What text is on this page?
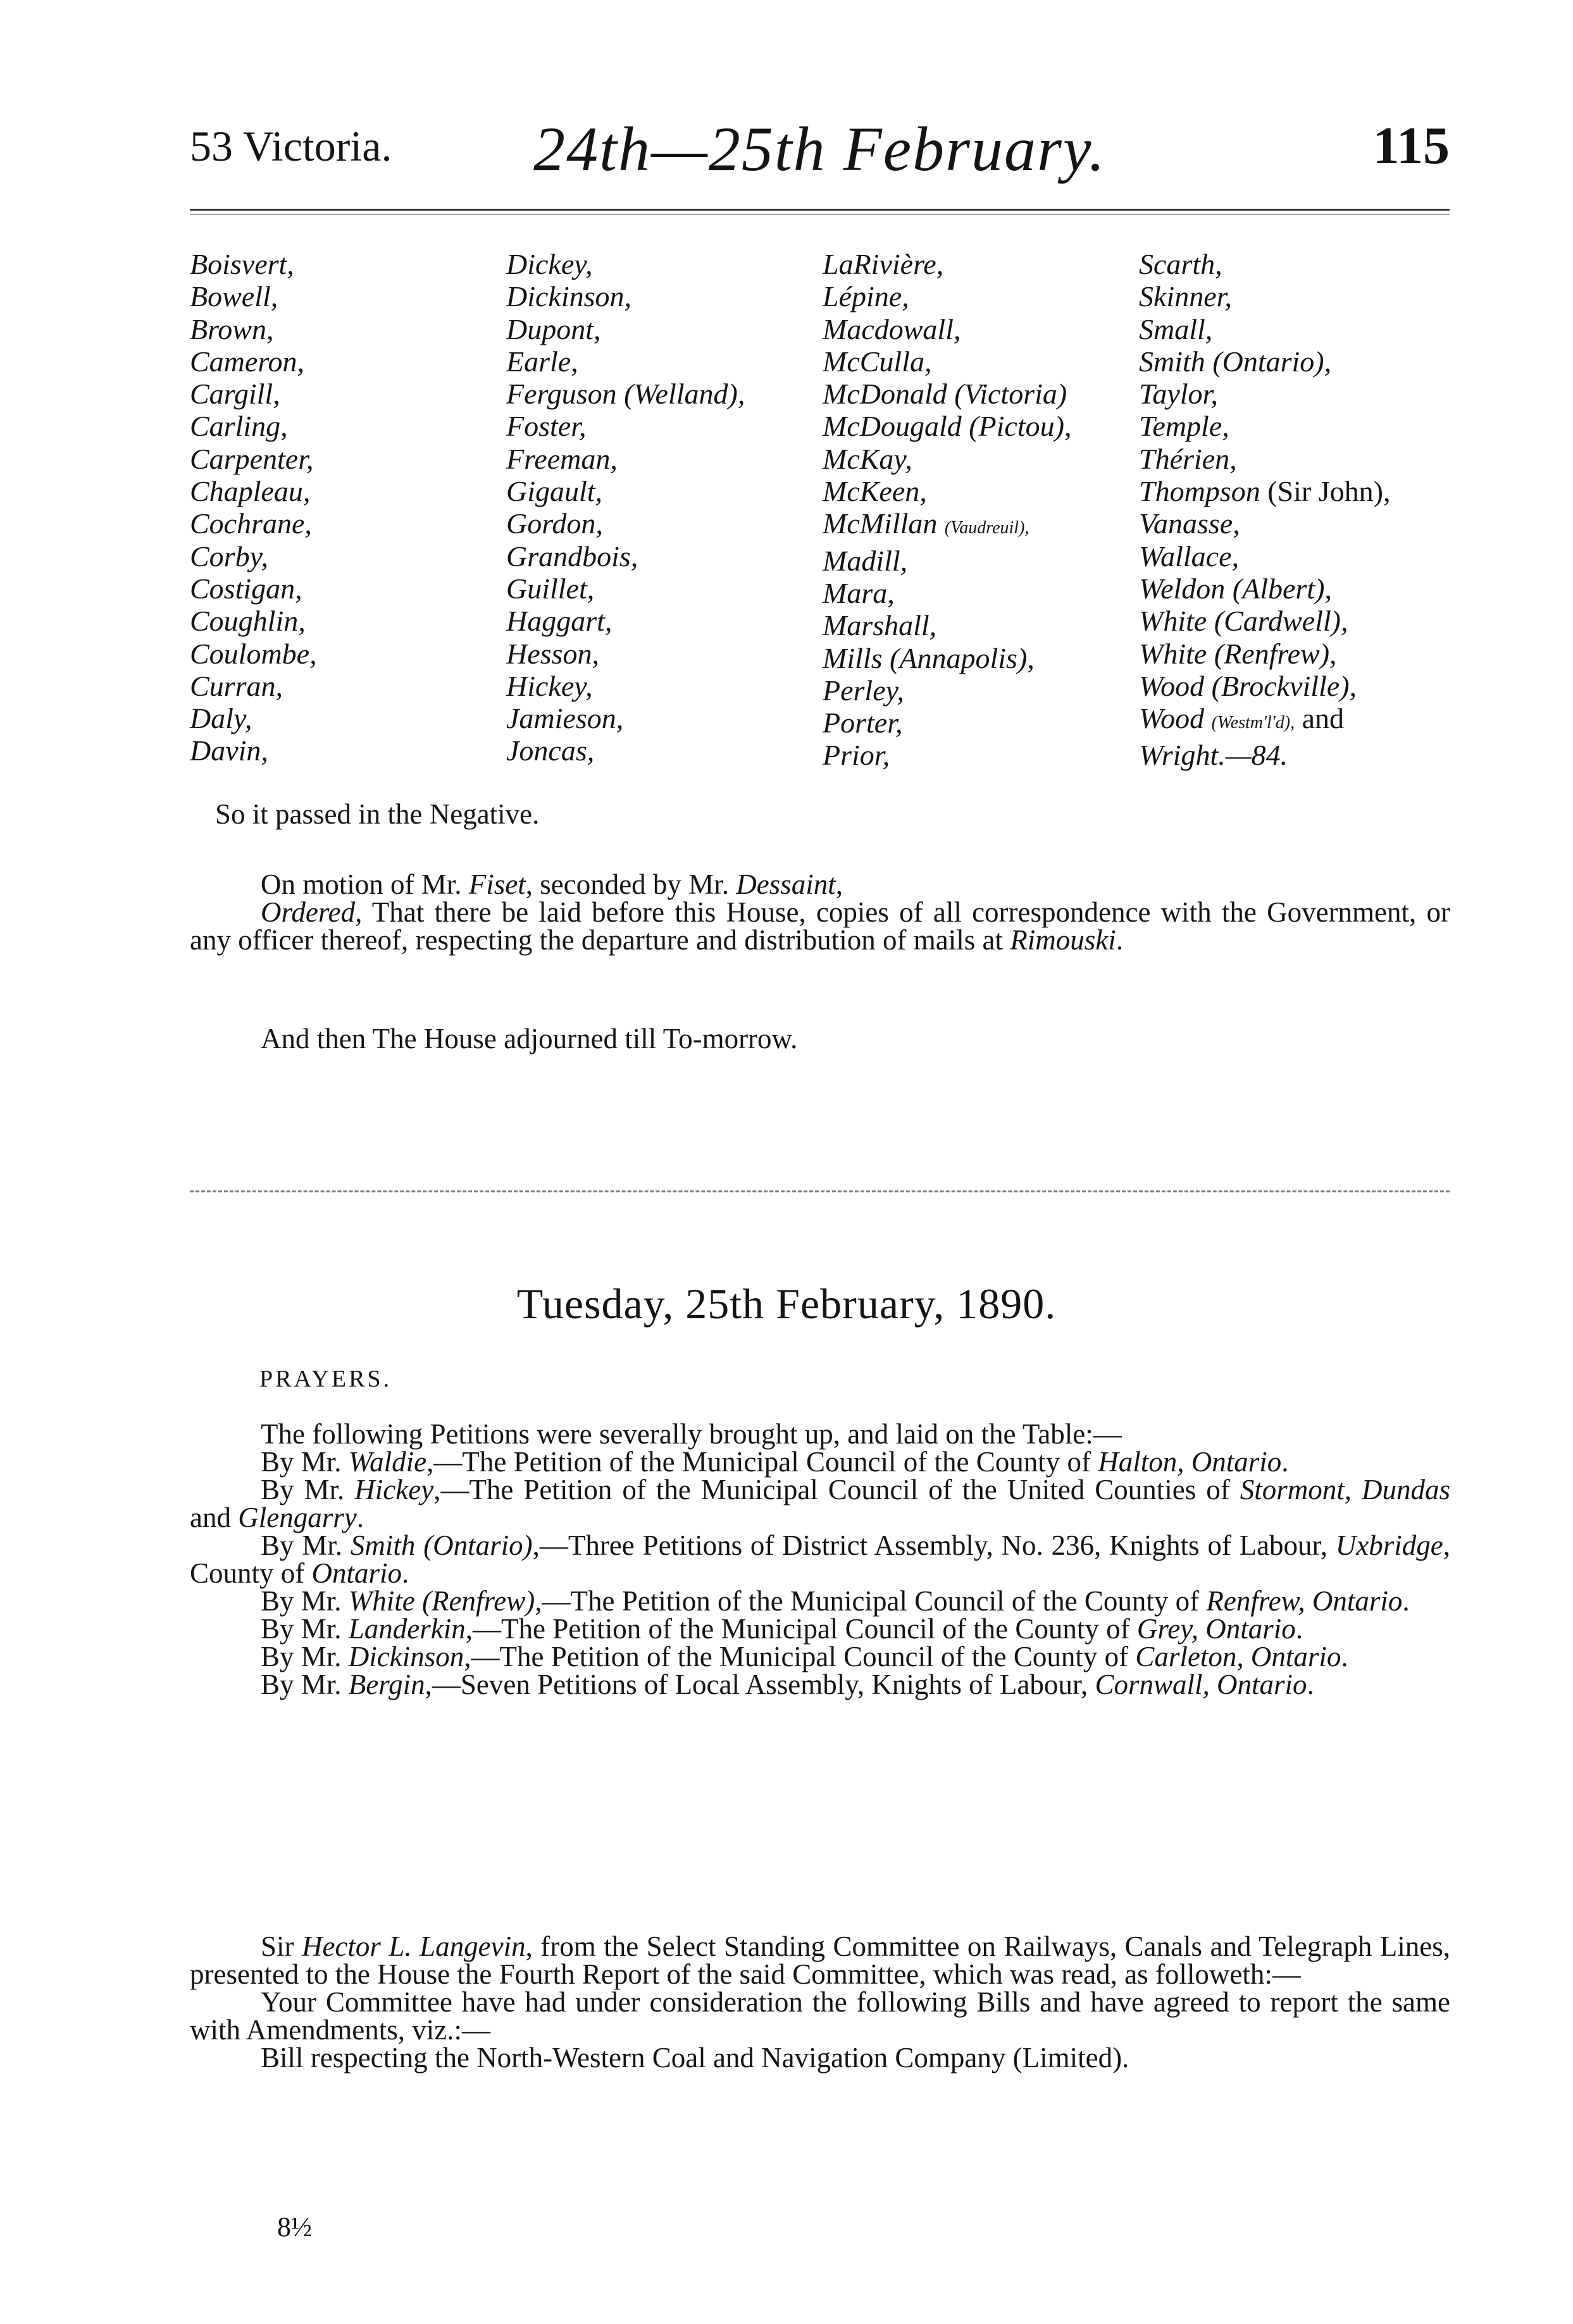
53 Victoria.	24th—25th February.	115
Boisvert,
Bowell,
Brown,
Cameron,
Cargill,
Carling,
Carpenter,
Chapleau,
Cochrane,
Corby,
Costigan,
Coughlin,
Coulombe,
Curran,
Daly,
Davin,
Dickey,
Dickinson,
Dupont,
Earle,
Ferguson (Welland),
Foster,
Freeman,
Gigault,
Gordon,
Grandbois,
Guillet,
Haggart,
Hesson,
Hickey,
Jamieson,
Joncas,
LaRivière,
Lépine,
Macdowall,
McCulla,
McDonald (Victoria)
McDougald (Pictou),
McKay,
McKeen,
McMillan (Vaudreuil),
Madill,
Mara,
Marshall,
Mills (Annapolis),
Perley,
Porter,
Prior,
Scarth,
Skinner,
Small,
Smith (Ontario),
Taylor,
Temple,
Thérien,
Thompson (Sir John),
Vanasse,
Wallace,
Weldon (Albert),
White (Cardwell),
White (Renfrew),
Wood (Brockville),
Wood (Westm'l'd), and
Wright.—84.

So it passed in the Negative.

On motion of Mr. Fiset, seconded by Mr. Dessaint,

Ordered, That there be laid before this House, copies of all correspondence with the Government, or any officer thereof, respecting the departure and distribution of mails at Rimouski.

And then The House adjourned till To-morrow.

Tuesday, 25th February, 1890.
PRAYERS.

The following Petitions were severally brought up, and laid on the Table:—

By Mr. Waldie,—The Petition of the Municipal Council of the County of Halton, Ontario.

By Mr. Hickey,—The Petition of the Municipal Council of the United Counties of Stormont, Dundas and Glengarry.

By Mr. Smith (Ontario),—Three Petitions of District Assembly, No. 236, Knights of Labour, Uxbridge, County of Ontario.

By Mr. White (Renfrew),—The Petition of the Municipal Council of the County of Renfrew, Ontario.

By Mr. Landerkin,—The Petition of the Municipal Council of the County of Grey, Ontario.

By Mr. Dickinson,—The Petition of the Municipal Council of the County of Carleton, Ontario.

By Mr. Bergin,—Seven Petitions of Local Assembly, Knights of Labour, Cornwall, Ontario.

Sir Hector L. Langevin, from the Select Standing Committee on Railways, Canals and Telegraph Lines, presented to the House the Fourth Report of the said Committee, which was read, as followeth:—

Your Committee have had under consideration the following Bills and have agreed to report the same with Amendments, viz.:—

Bill respecting the North-Western Coal and Navigation Company (Limited).

8½
